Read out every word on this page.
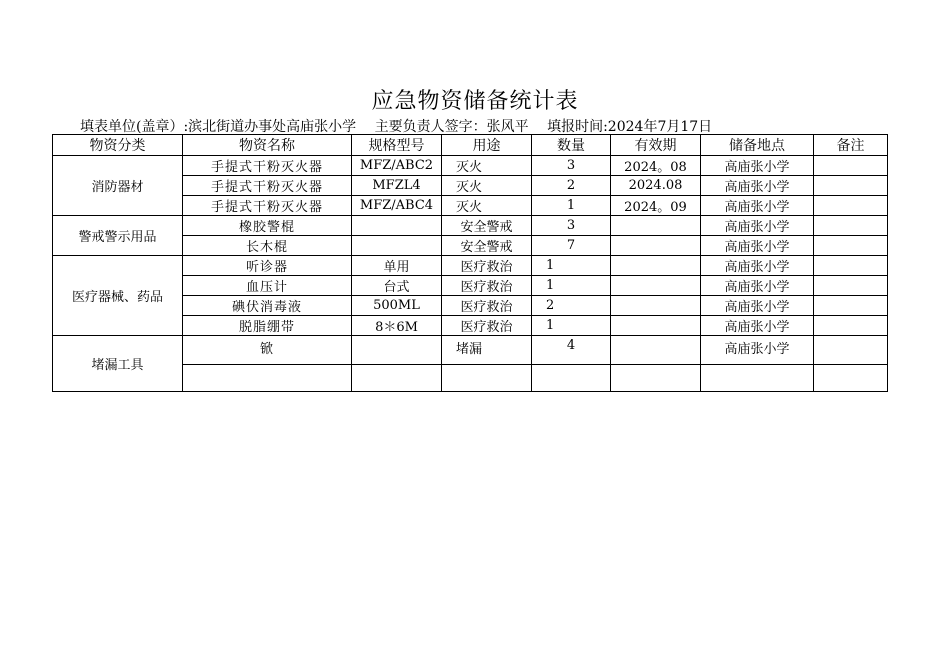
应急物资储备统计表
填表单位(盖章）:滨北街道办事处高庙张小学 主要负责人签字：张风平 填报时间:2024年7月17日
物资分类	物资名称	规格型号	用途	数量	有效期	储备地点	备注
消防器材	手提式干粉灭火器	MFZ/ABC2	灭火	3	2024。08	高庙张小学	
	手提式干粉灭火器	MFZL4	灭火	2	2024.08	高庙张小学	
	手提式干粉灭火器	MFZ/ABC4	灭火	1	2024。09	高庙张小学	
警戒警示用品	橡胶警棍		安全警戒	3		高庙张小学	
	长木棍		安全警戒	7		高庙张小学	
医疗器械、药品	听诊器	单用	医疗救治	1		高庙张小学	
	血压计	台式	医疗救治	1		高庙张小学	
	碘伏消毒液	500ML	医疗救治	2		高庙张小学	
	脱脂绷带	8＊6M	医疗救治	1		高庙张小学	
堵漏工具	锨		堵漏	4		高庙张小学	
